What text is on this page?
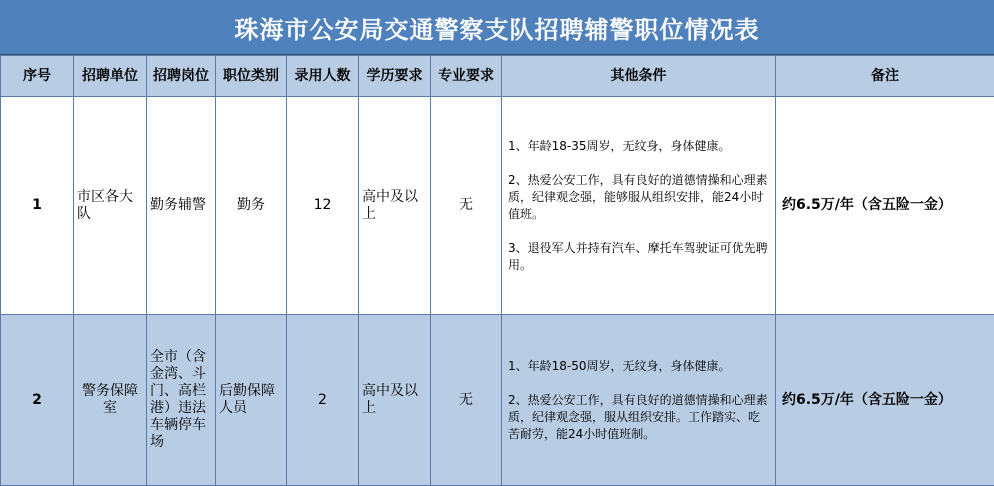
珠海市公安局交通警察支队招聘辅警职位情况表
序号	招聘单位	招聘岗位	职位类别	录用人数	学历要求	专业要求	其他条件	备注
1	市区各大队	勤务辅警	勤务	12	高中及以上	无	1、年龄18-35周岁，无纹身，身体健康。

2、热爱公安工作，具有良好的道德情操和心理素质，纪律观念强，能够服从组织安排，能24小时值班。

3、退役军人并持有汽车、摩托车驾驶证可优先聘用。	约6.5万/年（含五险一金）
2	警务保障室	全市（含金湾、斗门、高栏港）违法车辆停车场	后勤保障人员	2	高中及以上	无	1、年龄18-50周岁，无纹身，身体健康。

2、热爱公安工作，具有良好的道德情操和心理素质，纪律观念强，服从组织安排。工作踏实、吃苦耐劳，能24小时值班制。	约6.5万/年（含五险一金）
